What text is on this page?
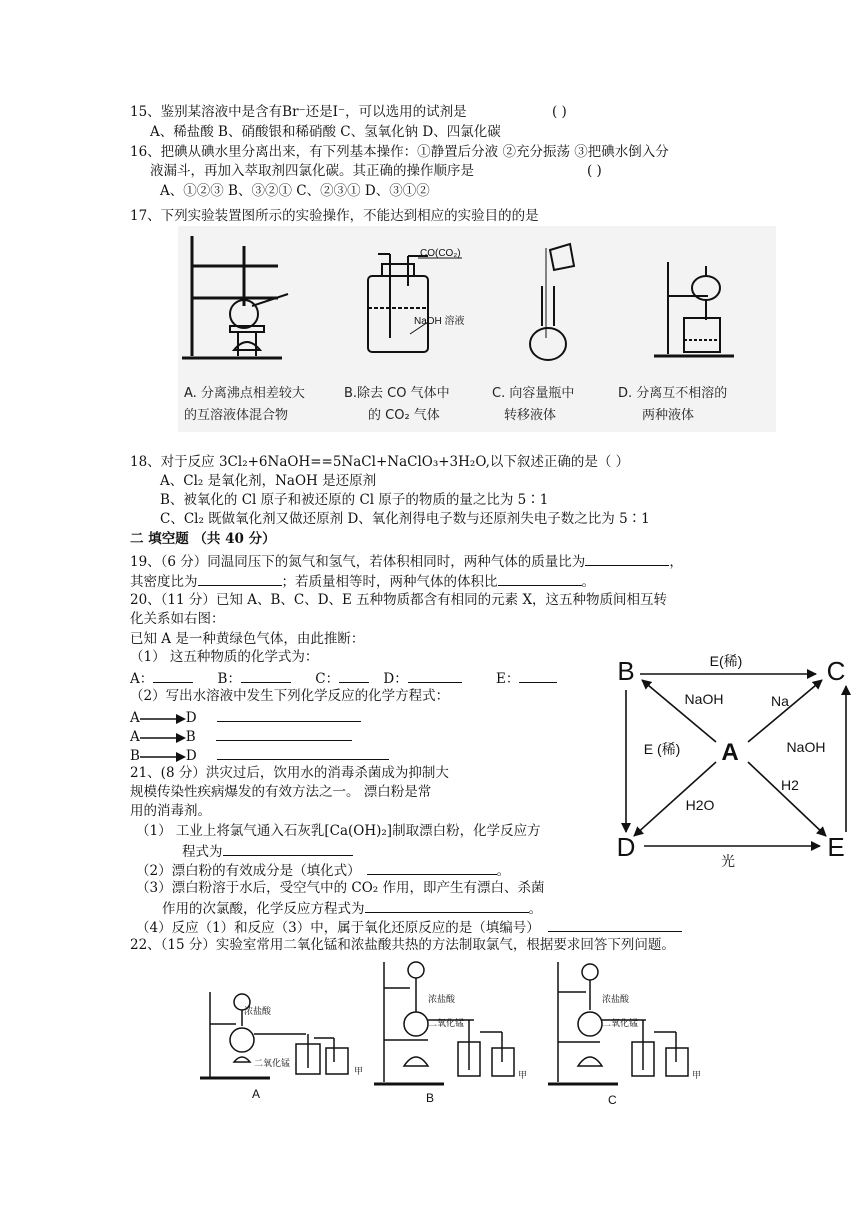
15、鉴别某溶液中是含有Br⁻还是I⁻，可以选用的试剂是	( )
A、稀盐酸 B、硝酸银和稀硝酸 C、氢氧化钠 D、四氯化碳
16、把碘从碘水里分离出来，有下列基本操作：①静置后分液 ②充分振荡 ③把碘水倒入分
液漏斗，再加入萃取剂四氯化碳。其正确的操作顺序是	( )
A、①②③ B、③②① C、②③① D、③①②
17、下列实验装置图所示的实验操作，不能达到相应的实验目的的是
CO(CO₂)
NaOH 溶液
A. 分离沸点相差较大
的互溶液体混合物
B.除去 CO 气体中
的 CO₂ 气体
C. 向容量瓶中
转移液体
D. 分离互不相溶的
两种液体
18、对于反应 3Cl₂+6NaOH==5NaCl+NaClO₃+3H₂O,以下叙述正确的是（ ）
A、Cl₂ 是氧化剂，NaOH 是还原剂
B、被氧化的 Cl 原子和被还原的 Cl 原子的物质的量之比为 5∶1
C、Cl₂ 既做氧化剂又做还原剂 D、氧化剂得电子数与还原剂失电子数之比为 5∶1
二 填空题 （共 40 分）
19、（6 分）同温同压下的氮气和氢气，若体积相同时，两种气体的质量比为	，
其密度比为	；若质量相等时，两种气体的体积比	。
20、（11 分）已知 A、B、C、D、E 五种物质都含有相同的元素 X，这五种物质间相互转
化关系如右图：
已知 A 是一种黄绿色气体，由此推断：
（1） 这五种物质的化学式为：
A：	B：	C：	D：	E：
（2）写出水溶液中发生下列化学反应的化学方程式：
A	D
A	B
B	D
B	C
A
D	E
E(稀)
NaOH	Na
NaOH
E (稀)
H2O
H2
光
21、(8 分）洪灾过后，饮用水的消毒杀菌成为抑制大
规模传染性疾病爆发的有效方法之一。 漂白粉是常
用的消毒剂。
（1） 工业上将氯气通入石灰乳[Ca(OH)₂]制取漂白粉，化学反应方
程式为
（2）漂白粉的有效成分是（填化式）	。
（3）漂白粉溶于水后，受空气中的 CO₂ 作用，即产生有漂白、杀菌
作用的次氯酸，化学反应方程式为	。
（4）反应（1）和反应（3）中，属于氧化还原反应的是（填编号）
22、（15 分）实验室常用二氧化锰和浓盐酸共热的方法制取氯气，根据要求回答下列问题。
浓盐酸
二氧化锰
浓盐酸
二氧化锰
浓盐酸
二氧化锰
甲	甲	甲
A	B	C
